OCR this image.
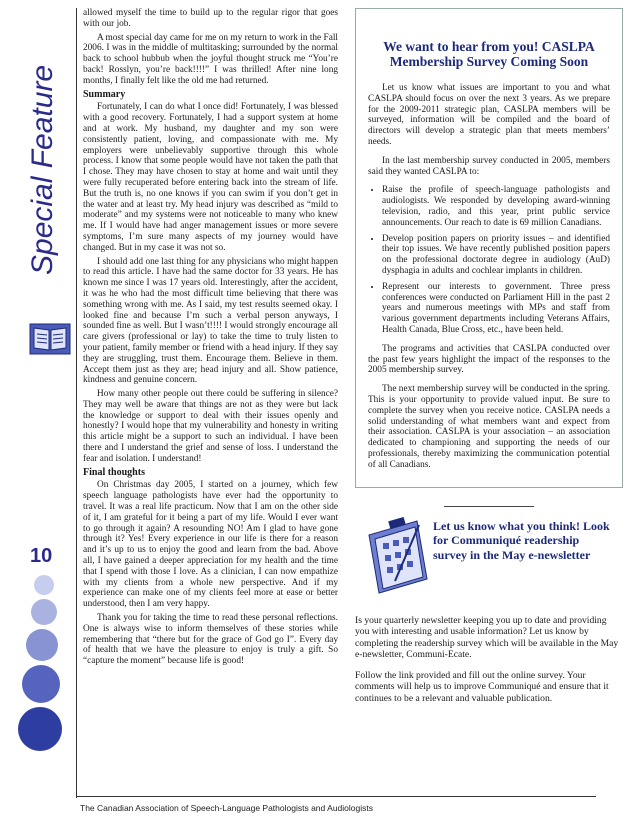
Special Feature
10

allowed myself the time to build up to the regular rigor that goes with our job.

A most special day came for me on my return to work in the Fall 2006. I was in the middle of multitasking; surrounded by the normal back to school hubbub when the joyful thought struck me “You’re back! Rosslyn, you’re back!!!!” I was thrilled! After nine long months, I finally felt like the old me had returned.

Summary

Fortunately, I can do what I once did! Fortunately, I was blessed with a good recovery. Fortunately, I had a support system at home and at work. My husband, my daughter and my son were consistently patient, loving, and compassionate with me. My employers were unbelievably supportive through this whole process. I know that some people would have not taken the path that I chose. They may have chosen to stay at home and wait until they were fully recuperated before entering back into the stream of life. But the truth is, no one knows if you can swim if you don’t get in the water and at least try. My head injury was described as “mild to moderate” and my systems were not noticeable to many who knew me. If I would have had anger management issues or more severe symptoms, I’m sure many aspects of my journey would have changed. But in my case it was not so.

I should add one last thing for any physicians who might happen to read this article. I have had the same doctor for 33 years. He has known me since I was 17 years old. Interestingly, after the accident, it was he who had the most difficult time believing that there was something wrong with me. As I said, my test results seemed okay. I looked fine and because I’m such a verbal person anyways, I sounded fine as well. But I wasn’t!!!! I would strongly encourage all care givers (professional or lay) to take the time to truly listen to your patient, family member or friend with a head injury. If they say they are struggling, trust them. Encourage them. Believe in them. Accept them just as they are; head injury and all. Show patience, kindness and genuine concern.

How many other people out there could be suffering in silence? They may well be aware that things are not as they were but lack the knowledge or support to deal with their issues openly and honestly? I would hope that my vulnerability and honesty in writing this article might be a support to such an individual. I have been there and I understand the grief and sense of loss. I understand the fear and isolation. I understand!

Final thoughts

On Christmas day 2005, I started on a journey, which few speech language pathologists have ever had the opportunity to travel. It was a real life practicum. Now that I am on the other side of it, I am grateful for it being a part of my life. Would I ever want to go through it again? A resounding NO! Am I glad to have gone through it? Yes! Every experience in our life is there for a reason and it’s up to us to enjoy the good and learn from the bad. Above all, I have gained a deeper appreciation for my health and the time that I spend with those I love. As a clinician, I can now empathize with my clients from a whole new perspective. And if my experience can make one of my clients feel more at ease or better understood, then I am very happy.

Thank you for taking the time to read these personal reflections. One is always wise to inform themselves of these stories while remembering that “there but for the grace of God go I”. Every day of health that we have the pleasure to enjoy is truly a gift. So “capture the moment” because life is good!

We want to hear from you! CASLPA Membership Survey Coming Soon

Let us know what issues are important to you and what CASLPA should focus on over the next 3 years. As we prepare for the 2009-2011 strategic plan, CASLPA members will be surveyed, information will be compiled and the board of directors will develop a strategic plan that meets members’ needs.

In the last membership survey conducted in 2005, members said they wanted CASLPA to:

• Raise the profile of speech-language pathologists and audiologists. We responded by developing award-winning television, radio, and this year, print public service announcements. Our reach to date is 69 million Canadians.
• Develop position papers on priority issues – and identified their top issues. We have recently published position papers on the professional doctorate degree in audiology (AuD) dysphagia in adults and cochlear implants in children.
• Represent our interests to government. Three press conferences were conducted on Parliament Hill in the past 2 years and numerous meetings with MPs and staff from various government departments including Veterans Affairs, Health Canada, Blue Cross, etc., have been held.

The programs and activities that CASLPA conducted over the past few years highlight the impact of the responses to the 2005 membership survey.

The next membership survey will be conducted in the spring. This is your opportunity to provide valued input. Be sure to complete the survey when you receive notice. CASLPA needs a solid understanding of what members want and expect from their association. CASLPA is your association – an association dedicated to championing and supporting the needs of our professionals, thereby maximizing the communication potential of all Canadians.

Let us know what you think! Look for Communiqué readership survey in the May e-newsletter

Is your quarterly newsletter keeping you up to date and providing you with interesting and usable information? Let us know by completing the readership survey which will be available in the May e-newsletter, Communi-Ecate.

Follow the link provided and fill out the online survey. Your comments will help us to improve Communiqué and ensure that it continues to be a relevant and valuable publication.

The Canadian Association of Speech-Language Pathologists and Audiologists
